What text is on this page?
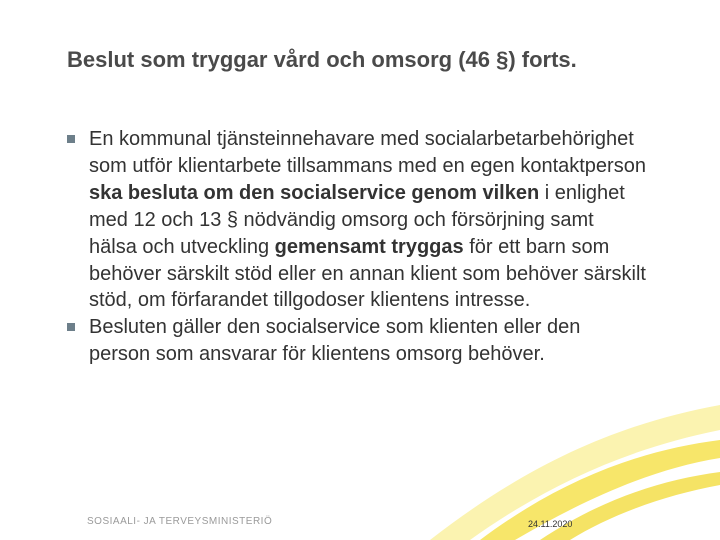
Beslut som tryggar vård och omsorg (46 §) forts.
En kommunal tjänsteinnehavare med socialarbetarbehörighet som utför klientarbete tillsammans med en egen kontaktperson ska besluta om den socialservice genom vilken i enlighet med 12 och 13 § nödvändig omsorg och försörjning samt hälsa och utveckling gemensamt tryggas för ett barn som behöver särskilt stöd eller en annan klient som behöver särskilt stöd, om förfarandet tillgodoser klientens intresse.
Besluten gäller den socialservice som klienten eller den person som ansvarar för klientens omsorg behöver.
SOSIAALI- JA TERVEYSMINISTERIÖ	24.11.2020
